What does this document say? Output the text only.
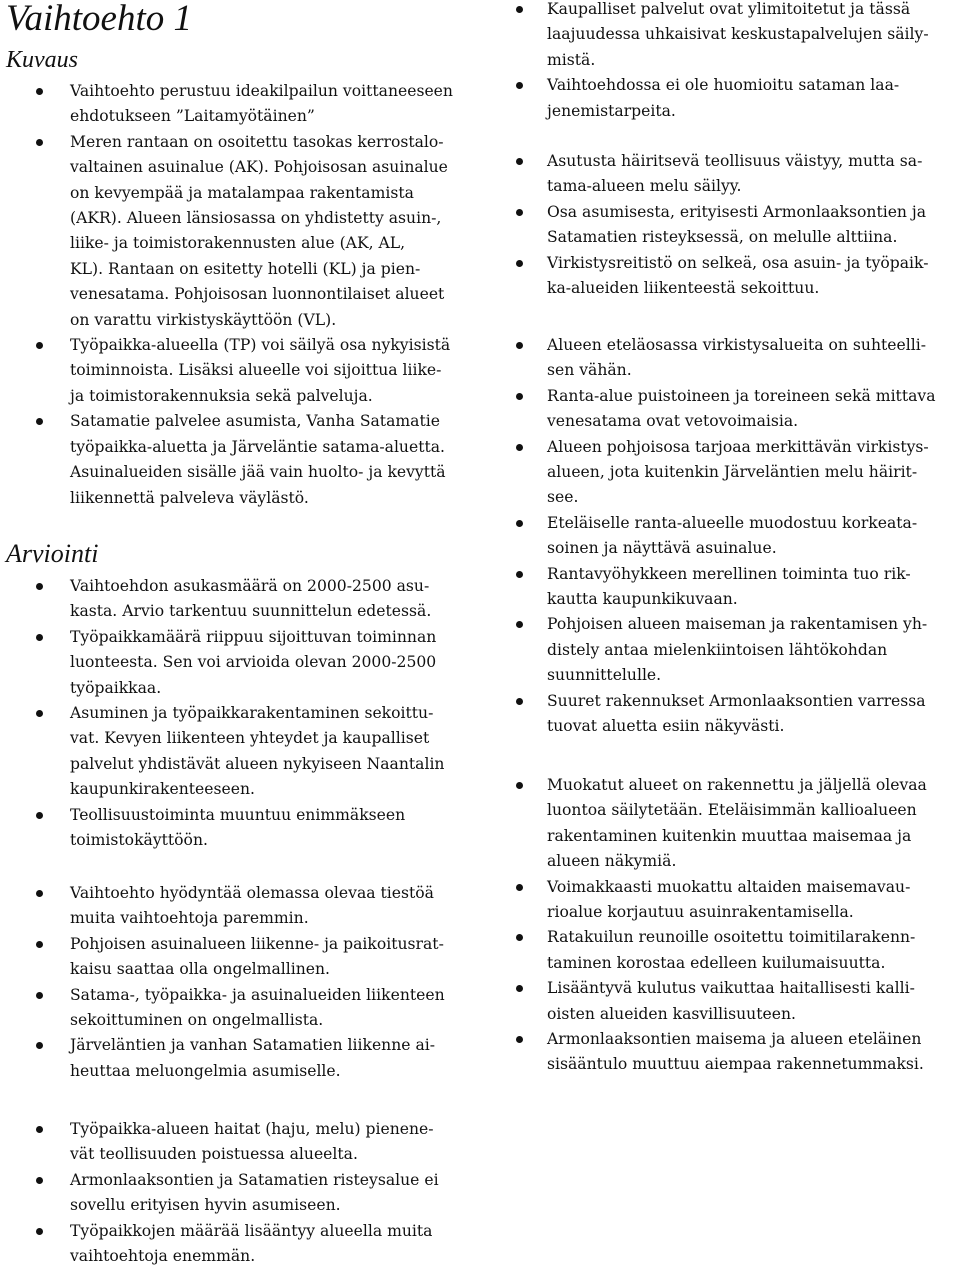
Vaihtoehto 1
Kuvaus
Vaihtoehto perustuu ideakilpailun voittaneeseen
ehdotukseen ”Laitamyötäinen”
Meren rantaan on osoitettu tasokas kerrostalo-
valtainen asuinalue (AK). Pohjoisosan asuinalue
on kevyempää ja matalampaa rakentamista
(AKR). Alueen länsiosassa on yhdistetty asuin-,
liike- ja toimistorakennusten alue (AK, AL,
KL). Rantaan on esitetty hotelli (KL) ja pien-
venesatama. Pohjoisosan luonnontilaiset alueet
on varattu virkistyskäyttöön (VL).
Työpaikka-alueella (TP) voi säilyä osa nykyisistä
toiminnoista. Lisäksi alueelle voi sijoittua liike-
ja toimistorakennuksia sekä palveluja.
Satamatie palvelee asumista, Vanha Satamatie
työpaikka-aluetta ja Järveläntie satama-aluetta.
Asuinalueiden sisälle jää vain huolto- ja kevyttä
liikennettä palveleva väylästö.
Arviointi
Vaihtoehdon asukasmäärä on 2000-2500 asu-
kasta. Arvio tarkentuu suunnittelun edetessä.
Työpaikkamäärä riippuu sijoittuvan toiminnan
luonteesta. Sen voi arvioida olevan 2000-2500
työpaikkaa.
Asuminen ja työpaikkarakentaminen sekoittu-
vat. Kevyen liikenteen yhteydet ja kaupalliset
palvelut yhdistävät alueen nykyiseen Naantalin
kaupunkirakenteeseen.
Teollisuustoiminta muuntuu enimmäkseen
toimistokäyttöön.
Vaihtoehto hyödyntää olemassa olevaa tiestöä
muita vaihtoehtoja paremmin.
Pohjoisen asuinalueen liikenne- ja paikoitusrat-
kaisu saattaa olla ongelmallinen.
Satama-, työpaikka- ja asuinalueiden liikenteen
sekoittuminen on ongelmallista.
Järveläntien ja vanhan Satamatien liikenne ai-
heuttaa meluongelmia asumiselle.
Työpaikka-alueen haitat (haju, melu) pienene-
vät teollisuuden poistuessa alueelta.
Armonlaaksontien ja Satamatien risteysalue ei
sovellu erityisen hyvin asumiseen.
Työpaikkojen määrää lisääntyy alueella muita
vaihtoehtoja enemmän.
Kaupalliset palvelut ovat ylimitoitetut ja tässä
laajuudessa uhkaisivat keskustapalvelujen säily-
mistä.
Vaihtoehdossa ei ole huomioitu sataman laa-
jenemistarpeita.
Asutusta häiritsevä teollisuus väistyy, mutta sa-
tama-alueen melu säilyy.
Osa asumisesta, erityisesti Armonlaaksontien ja
Satamatien risteyksessä, on melulle alttiina.
Virkistysreitistö on selkeä, osa asuin- ja työpaik-
ka-alueiden liikenteestä sekoittuu.
Alueen eteläosassa virkistysalueita on suhteelli-
sen vähän.
Ranta-alue puistoineen ja toreineen sekä mittava
venesatama ovat vetovoimaisia.
Alueen pohjoisosa tarjoaa merkittävän virkistys-
alueen, jota kuitenkin Järveläntien melu häirit-
see.
Eteläiselle ranta-alueelle muodostuu korkeata-
soinen ja näyttävä asuinalue.
Rantavyöhykkeen merellinen toiminta tuo rik-
kautta kaupunkikuvaan.
Pohjoisen alueen maiseman ja rakentamisen yh-
distely antaa mielenkiintoisen lähtökohdan
suunnittelulle.
Suuret rakennukset Armonlaaksontien varressa
tuovat aluetta esiin näkyvästi.
Muokatut alueet on rakennettu ja jäljellä olevaa
luontoa säilytetään. Eteläisimmän kallioalueen
rakentaminen kuitenkin muuttaa maisemaa ja
alueen näkymiä.
Voimakkaasti muokattu altaiden maisemavau-
rioalue korjautuu asuinrakentamisella.
Ratakuilun reunoille osoitettu toimitilarakenn-
taminen korostaa edelleen kuilumaisuutta.
Lisääntyvä kulutus vaikuttaa haitallisesti kalli-
oisten alueiden kasvillisuuteen.
Armonlaaksontien maisema ja alueen eteläinen
sisääntulo muuttuu aiempaa rakennetummaksi.
